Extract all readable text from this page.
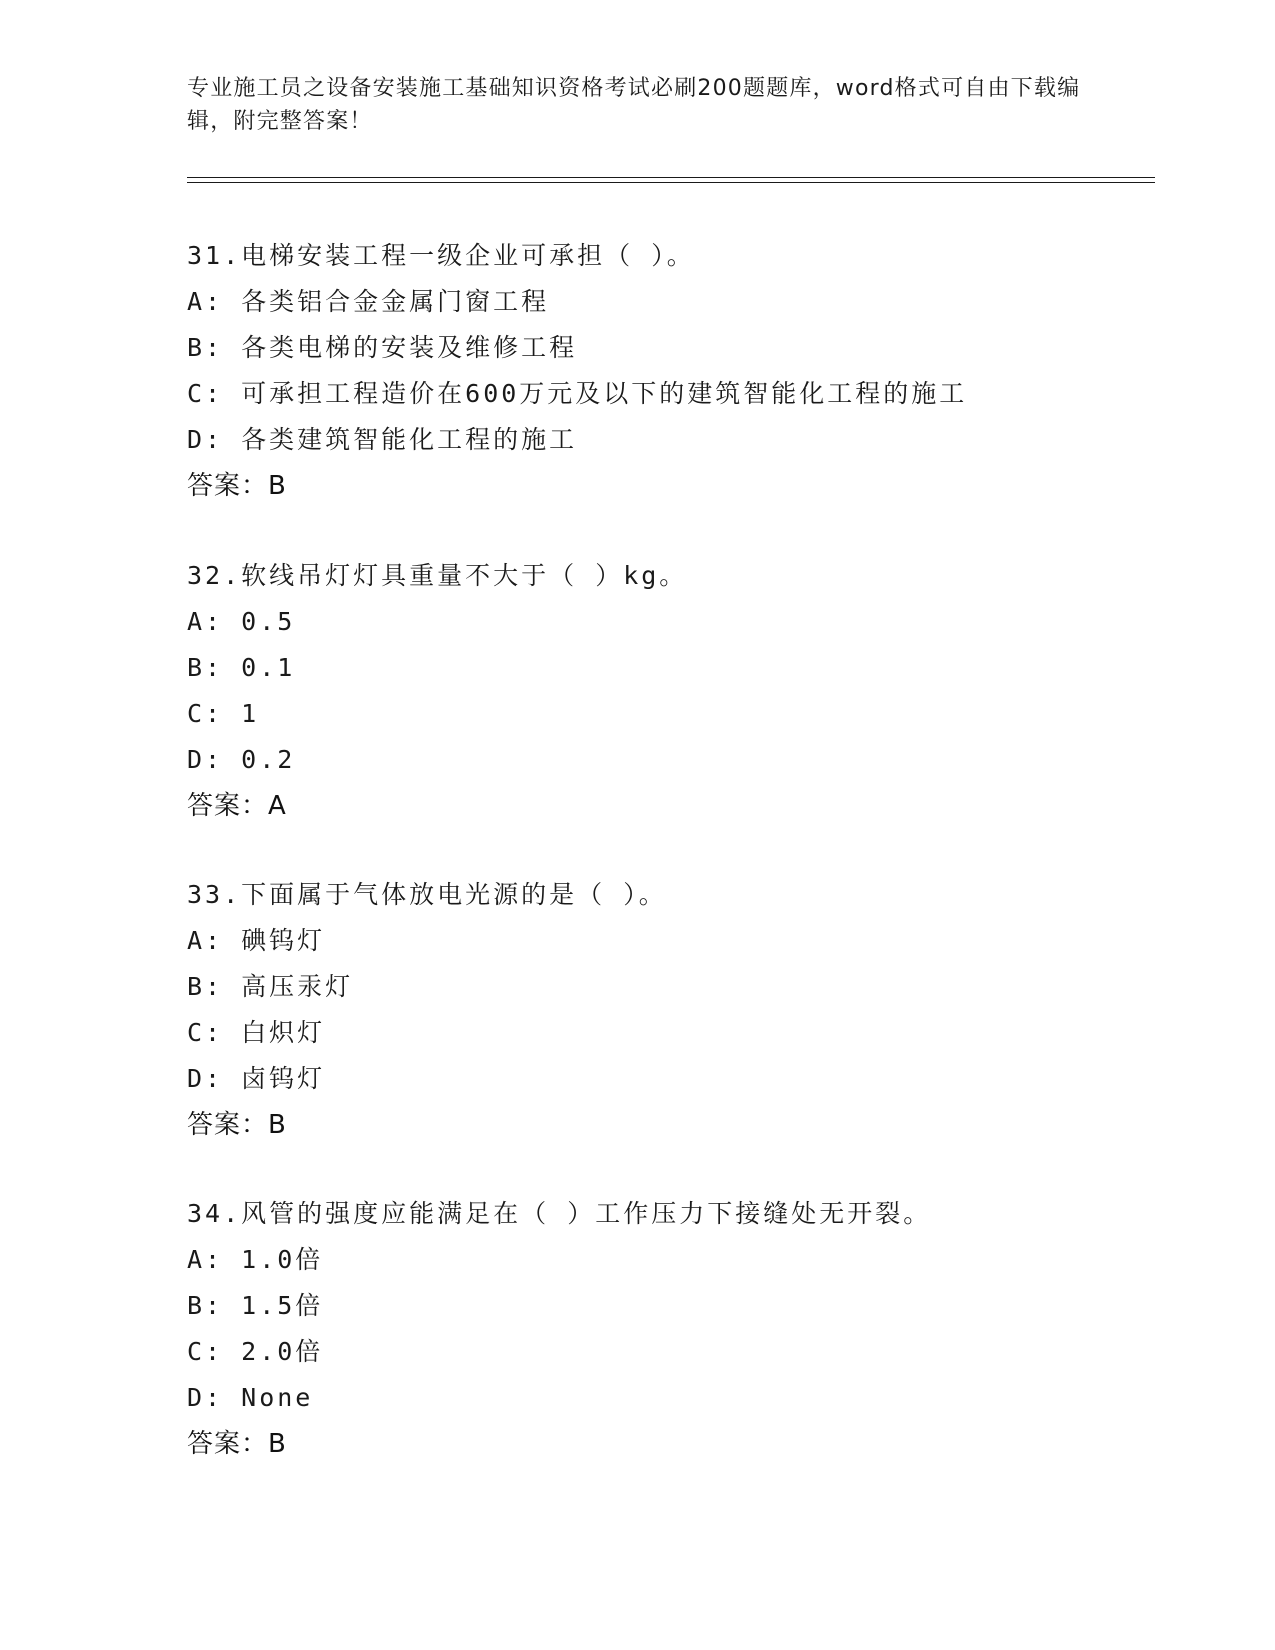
专业施工员之设备安装施工基础知识资格考试必刷200题题库，word格式可自由下载编辑，附完整答案！
31.电梯安装工程一级企业可承担（ ）。
A: 各类铝合金金属门窗工程
B: 各类电梯的安装及维修工程
C: 可承担工程造价在600万元及以下的建筑智能化工程的施工
D: 各类建筑智能化工程的施工
答案：B
32.软线吊灯灯具重量不大于（ ）kg。
A: 0.5
B: 0.1
C: 1
D: 0.2
答案：A
33.下面属于气体放电光源的是（ ）。
A: 碘钨灯
B: 高压汞灯
C: 白炽灯
D: 卤钨灯
答案：B
34.风管的强度应能满足在（ ）工作压力下接缝处无开裂。
A: 1.0倍
B: 1.5倍
C: 2.0倍
D: None
答案：B
